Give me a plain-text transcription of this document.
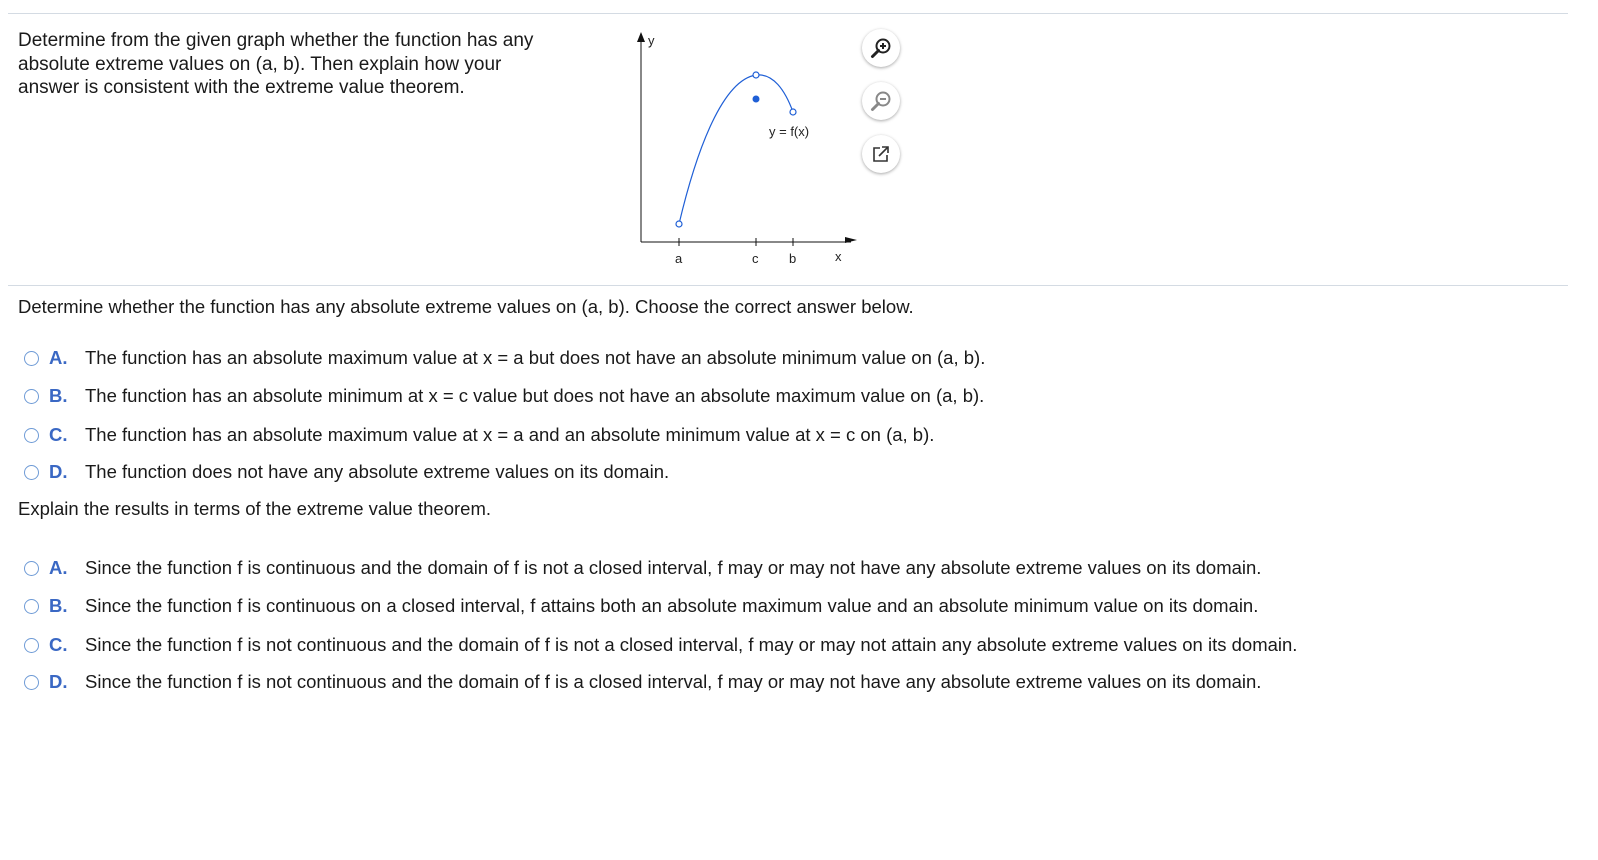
Determine from the given graph whether the function has any
absolute extreme values on (a, b). Then explain how your
answer is consistent with the extreme value theorem.
y
x
a	c b
y = f(x)
Determine whether the function has any absolute extreme values on (a, b). Choose the correct answer below.
A. The function has an absolute maximum value at x = a but does not have an absolute minimum value on (a, b).
B. The function has an absolute minimum at x = c value but does not have an absolute maximum value on (a, b).
C. The function has an absolute maximum value at x = a and an absolute minimum value at x = c on (a, b).
D. The function does not have any absolute extreme values on its domain.
Explain the results in terms of the extreme value theorem.
A. Since the function f is continuous and the domain of f is not a closed interval, f may or may not have any absolute extreme values on its domain.
B. Since the function f is continuous on a closed interval, f attains both an absolute maximum value and an absolute minimum value on its domain.
C. Since the function f is not continuous and the domain of f is not a closed interval, f may or may not attain any absolute extreme values on its domain.
D. Since the function f is not continuous and the domain of f is a closed interval, f may or may not have any absolute extreme values on its domain.
